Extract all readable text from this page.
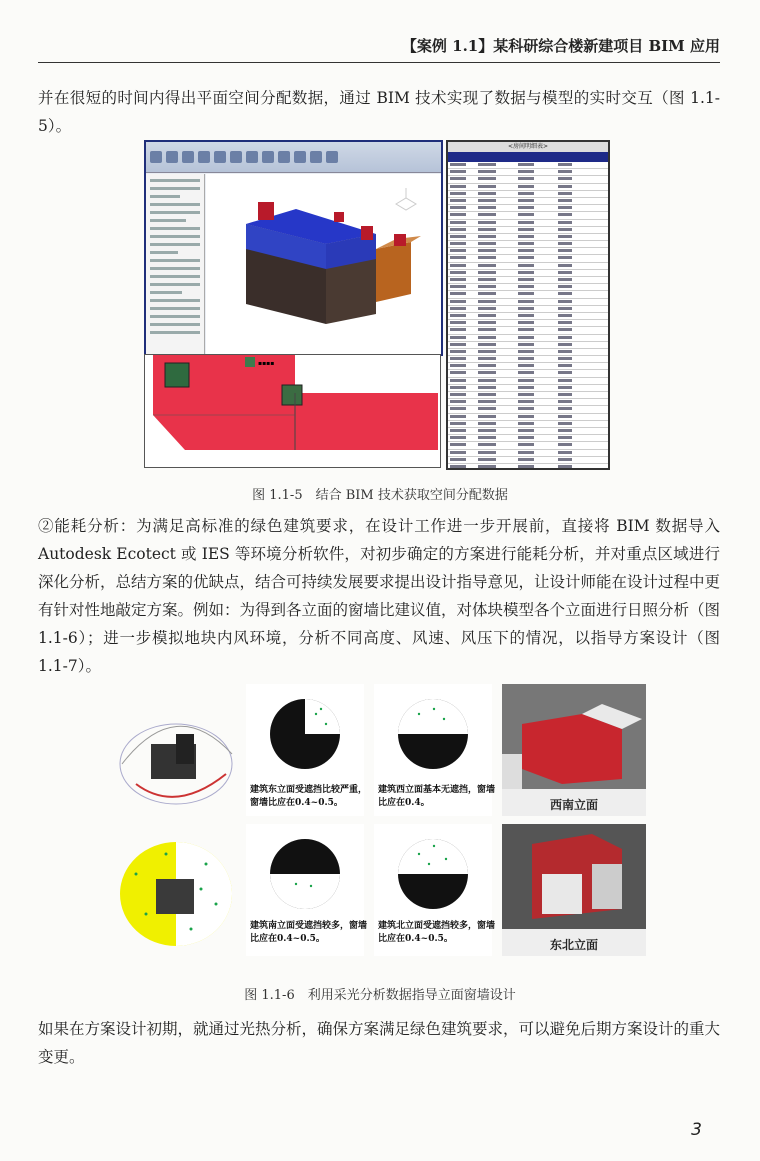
【案例 1.1】某科研综合楼新建项目 BIM 应用
并在很短的时间内得出平面空间分配数据，通过 BIM 技术实现了数据与模型的实时交互（图 1.1-5）。
▪▪▪▪
<房间明细表>
图 1.1-5　结合 BIM 技术获取空间分配数据
②能耗分析：为满足高标准的绿色建筑要求，在设计工作进一步开展前，直接将 BIM 数据导入 Autodesk Ecotect 或 IES 等环境分析软件，对初步确定的方案进行能耗分析，并对重点区域进行深化分析，总结方案的优缺点，结合可持续发展要求提出设计指导意见，让设计师能在设计过程中更有针对性地敲定方案。例如：为得到各立面的窗墙比建议值，对体块模型各个立面进行日照分析（图 1.1-6）；进一步模拟地块内风环境，分析不同高度、风速、风压下的情况，以指导方案设计（图 1.1-7）。
建筑东立面受遮挡比较严重，窗墙比应在0.4~0.5。
建筑西立面基本无遮挡，窗墙比应在0.4。
建筑南立面受遮挡较多，窗墙比应在0.4~0.5。
建筑北立面受遮挡较多，窗墙比应在0.4~0.5。
西南立面
东北立面
图 1.1-6　利用采光分析数据指导立面窗墙设计
如果在方案设计初期，就通过光热分析，确保方案满足绿色建筑要求，可以避免后期方案设计的重大变更。
3
